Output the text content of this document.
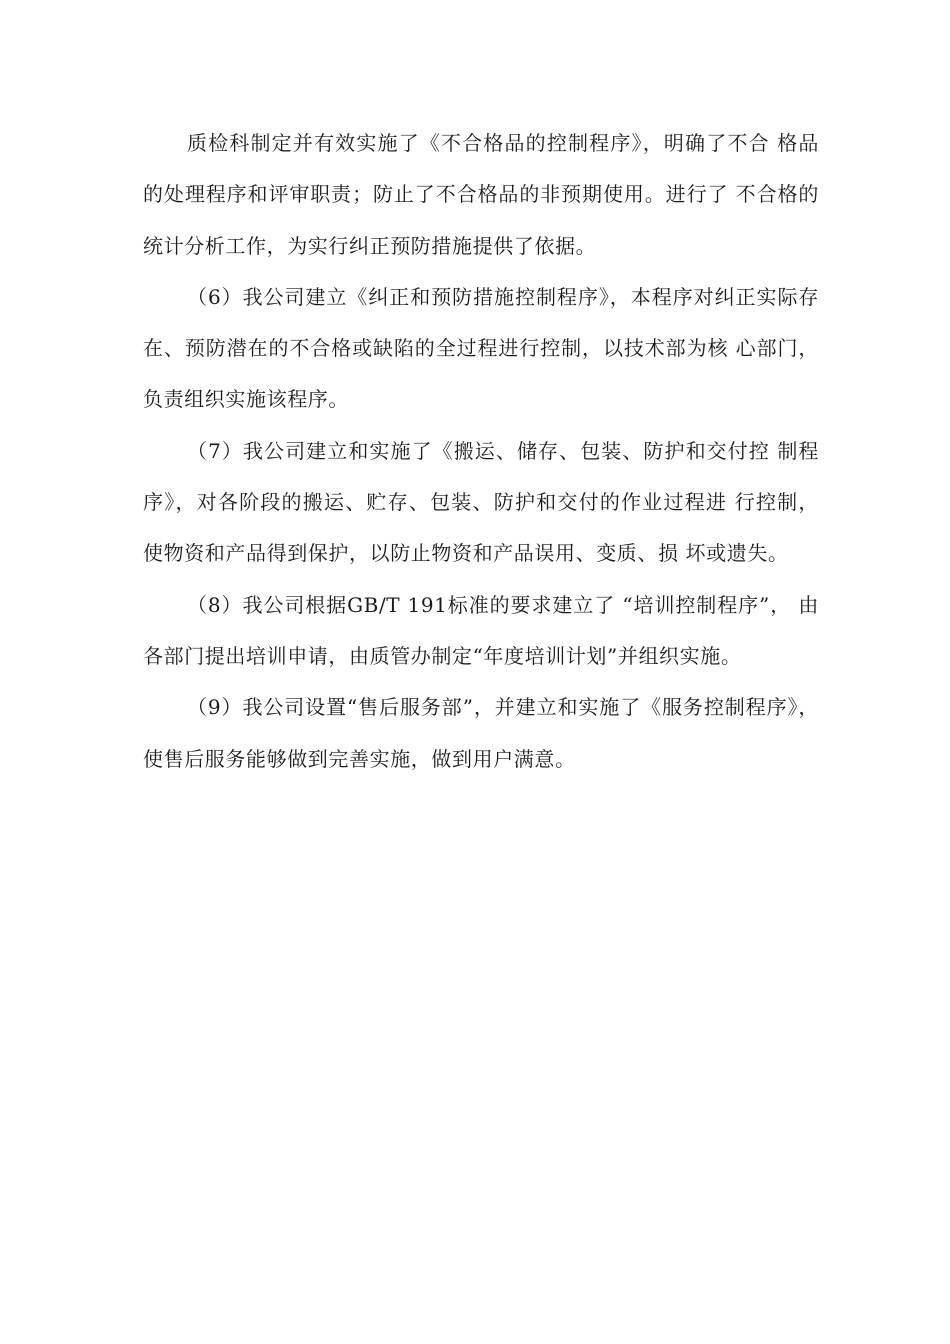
质检科制定并有效实施了《不合格品的控制程序》，明确了不合 格品的处理程序和评审职责；防止了不合格品的非预期使用。进行了 不合格的统计分析工作，为实行纠正预防措施提供了依据。

（6）我公司建立《纠正和预防措施控制程序》，本程序对纠正实际存在、预防潜在的不合格或缺陷的全过程进行控制，以技术部为核 心部门，负责组织实施该程序。

（7）我公司建立和实施了《搬运、储存、包装、防护和交付控 制程序》，对各阶段的搬运、贮存、包装、防护和交付的作业过程进 行控制，使物资和产品得到保护，以防止物资和产品误用、变质、损 坏或遗失。

（8）我公司根据GB/T 191标准的要求建立了 “培训控制程序”， 由各部门提出培训申请，由质管办制定“年度培训计划”并组织实施。

（9）我公司设置“售后服务部”，并建立和实施了《服务控制程序》，使售后服务能够做到完善实施，做到用户满意。
